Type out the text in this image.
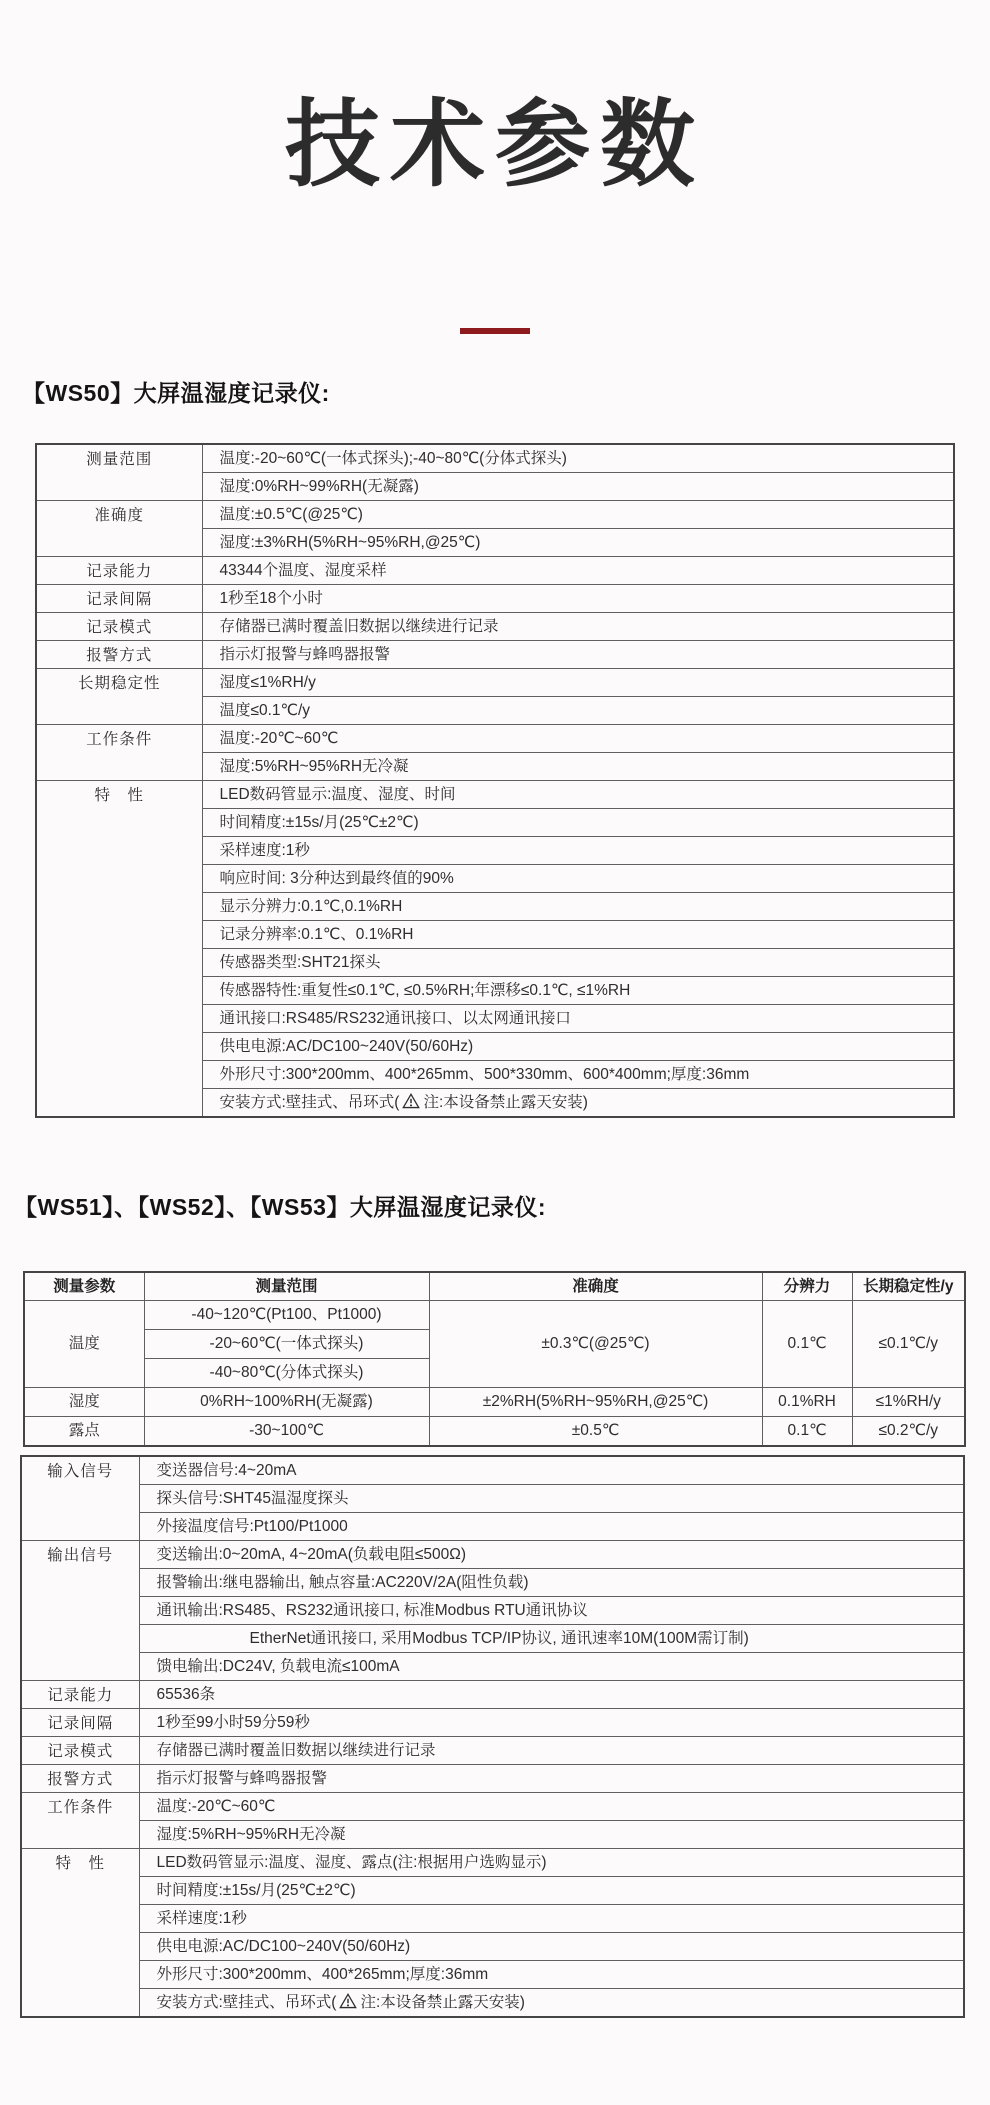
技术参数
【WS50】大屏温湿度记录仪:
测量范围	温度:-20~60℃(一体式探头);-40~80℃(分体式探头)
	湿度:0%RH~99%RH(无凝露)
准确度	温度:±0.5℃(@25℃)
	湿度:±3%RH(5%RH~95%RH,@25℃)
记录能力	43344个温度、湿度采样
记录间隔	1秒至18个小时
记录模式	存储器已满时覆盖旧数据以继续进行记录
报警方式	指示灯报警与蜂鸣器报警
长期稳定性	湿度≤1%RH/y
	温度≤0.1℃/y
工作条件	温度:-20℃~60℃
	湿度:5%RH~95%RH无冷凝
特　性	LED数码管显示:温度、湿度、时间
	时间精度:±15s/月(25℃±2℃)
	采样速度:1秒
	响应时间: 3分种达到最终值的90%
	显示分辨力:0.1℃,0.1%RH
	记录分辨率:0.1℃、0.1%RH
	传感器类型:SHT21探头
	传感器特性:重复性≤0.1℃, ≤0.5%RH;年漂移≤0.1℃, ≤1%RH
	通讯接口:RS485/RS232通讯接口、以太网通讯接口
	供电电源:AC/DC100~240V(50/60Hz)
	外形尺寸:300*200mm、400*265mm、500*330mm、600*400mm;厚度:36mm
	安装方式:壁挂式、吊环式( 注:本设备禁止露天安装)
【WS51】、【WS52】、【WS53】大屏温湿度记录仪:
测量参数	测量范围	准确度	分辨力	长期稳定性/y
温度	-40~120℃(Pt100、Pt1000)	±0.3℃(@25℃)	0.1℃	≤0.1℃/y
	-20~60℃(一体式探头)			
	-40~80℃(分体式探头)			
湿度	0%RH~100%RH(无凝露)	±2%RH(5%RH~95%RH,@25℃)	0.1%RH	≤1%RH/y
露点	-30~100℃	±0.5℃	0.1℃	≤0.2℃/y
输入信号	变送器信号:4~20mA
	探头信号:SHT45温湿度探头
	外接温度信号:Pt100/Pt1000
输出信号	变送输出:0~20mA, 4~20mA(负载电阻≤500Ω)
	报警输出:继电器输出, 触点容量:AC220V/2A(阻性负载)
	通讯输出:RS485、RS232通讯接口, 标准Modbus RTU通讯协议
	EtherNet通讯接口, 采用Modbus TCP/IP协议, 通讯速率10M(100M需订制)
	馈电输出:DC24V, 负载电流≤100mA
记录能力	65536条
记录间隔	1秒至99小时59分59秒
记录模式	存储器已满时覆盖旧数据以继续进行记录
报警方式	指示灯报警与蜂鸣器报警
工作条件	温度:-20℃~60℃
	湿度:5%RH~95%RH无冷凝
特　性	LED数码管显示:温度、湿度、露点(注:根据用户选购显示)
	时间精度:±15s/月(25℃±2℃)
	采样速度:1秒
	供电电源:AC/DC100~240V(50/60Hz)
	外形尺寸:300*200mm、400*265mm;厚度:36mm
	安装方式:壁挂式、吊环式( 注:本设备禁止露天安装)
